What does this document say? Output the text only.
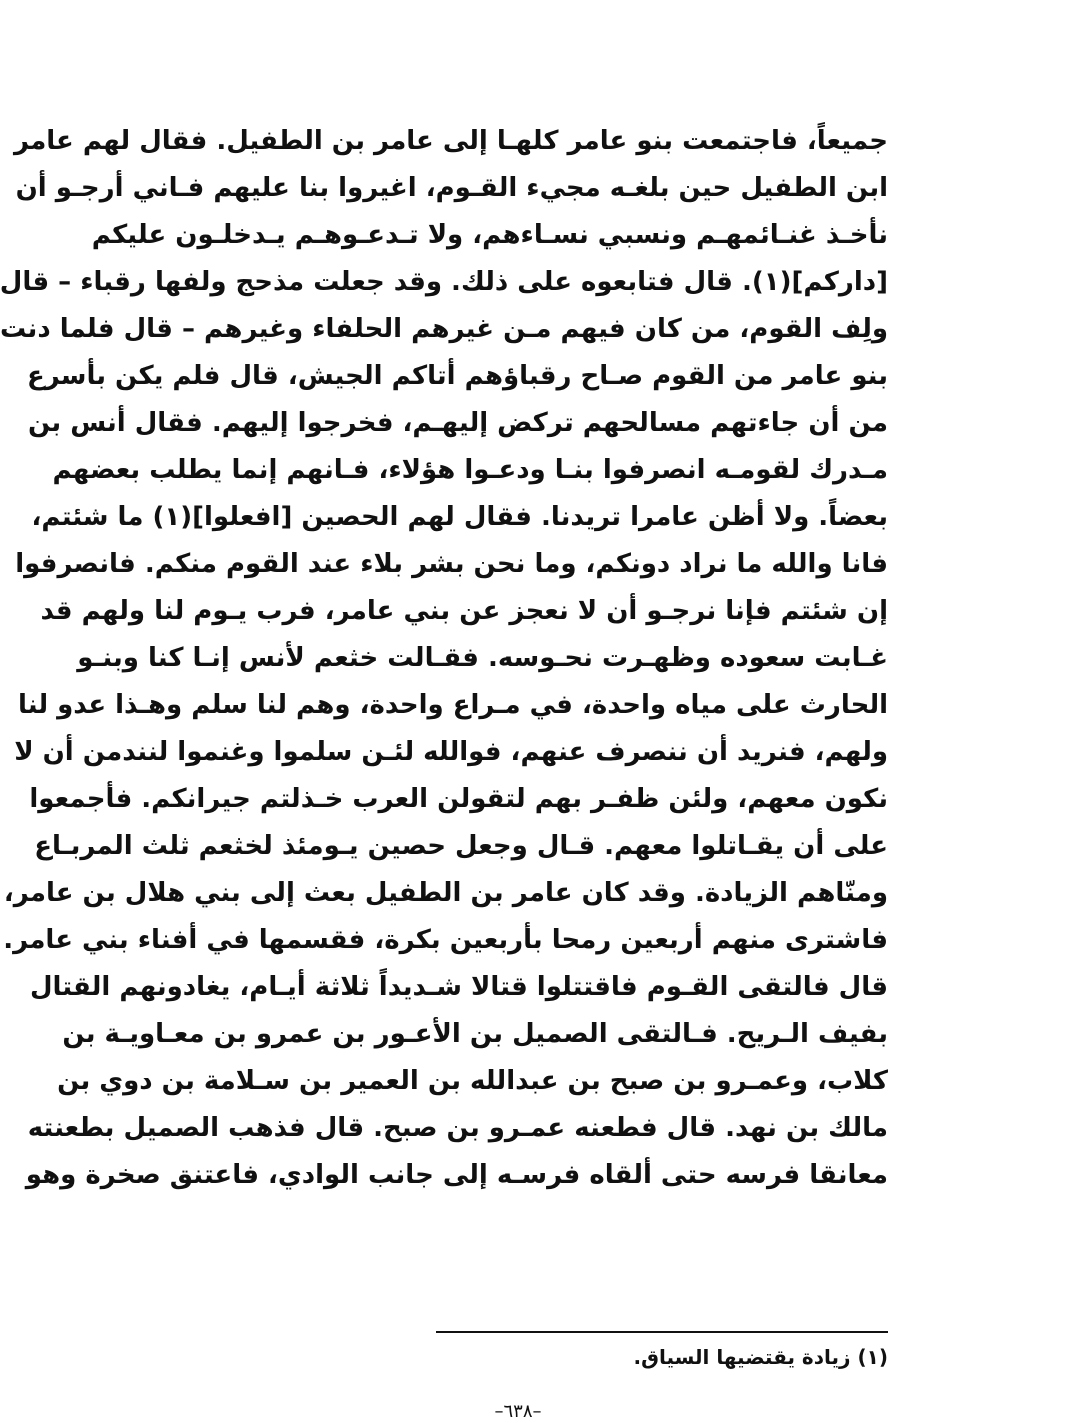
جميعاً، فاجتمعت بنو عامر كلهـا إلى عامر بن الطفيل. فقال لهم عامر
ابن الطفيل حين بلغـه مجيء القـوم، اغيروا بنا عليهم فـاني أرجـو أن
نأخـذ غنـائمهـم ونسبي نسـاءهم، ولا تـدعـوهـم يـدخلـون عليكم
[داركم](١). قال فتابعوه على ذلك. وقد جعلت مذحج ولفها رقباء – قال
ولِف القوم، من كان فيهم مـن غيرهم الحلفاء وغيرهم – قال فلما دنت
بنو عامر من القوم صـاح رقباؤهم أتاكم الجيش، قال فلم يكن بأسرع
من أن جاءتهم مسالحهم تركض إليهـم، فخرجوا إليهم. فقال أنس بن
مـدرك لقومـه انصرفوا بنـا ودعـوا هؤلاء، فـانهم إنما يطلب بعضهم
بعضاً. ولا أظن عامرا تريدنا. فقال لهم الحصين [افعلوا](١) ما شئتم،
فانا والله ما نراد دونكم، وما نحن بشر بلاء عند القوم منكم. فانصرفوا
إن شئتم فإنا نرجـو أن لا نعجز عن بني عامر، فرب يـوم لنا ولهم قد
غـابت سعوده وظهـرت نحـوسه. فقـالت خثعم لأنس إنـا كنا وبنـو
الحارث على مياه واحدة، في مـراع واحدة، وهم لنا سلم وهـذا عدو لنا
ولهم، فنريد أن ننصرف عنهم، فوالله لئـن سلموا وغنموا لنندمن أن لا
نكون معهم، ولئن ظفـر بهم لتقولن العرب خـذلتم جيرانكم. فأجمعوا
على أن يقـاتلوا معهم. قـال وجعل حصين يـومئذ لخثعم ثلث المربـاع
ومنّاهم الزيادة. وقد كان عامر بن الطفيل بعث إلى بني هلال بن عامر،
فاشترى منهم أربعين رمحا بأربعين بكرة، فقسمها في أفناء بني عامر.
قال فالتقى القـوم فاقتتلوا قتالا شـديداً ثلاثة أيـام، يغادونهم القتال
بفيف الـريح. فـالتقى الصميل بن الأعـور بن عمرو بن معـاويـة بن
كلاب، وعمـرو بن صبح بن عبدالله بن العمير بن سـلامة بن دوي بن
مالك بن نهد. قال فطعنه عمـرو بن صبح. قال فذهب الصميل بطعنته
معانقا فرسه حتى ألقاه فرسـه إلى جانب الوادي، فاعتنق صخرة وهو
(١) زيادة يقتضيها السياق.
–٦٣٨–
